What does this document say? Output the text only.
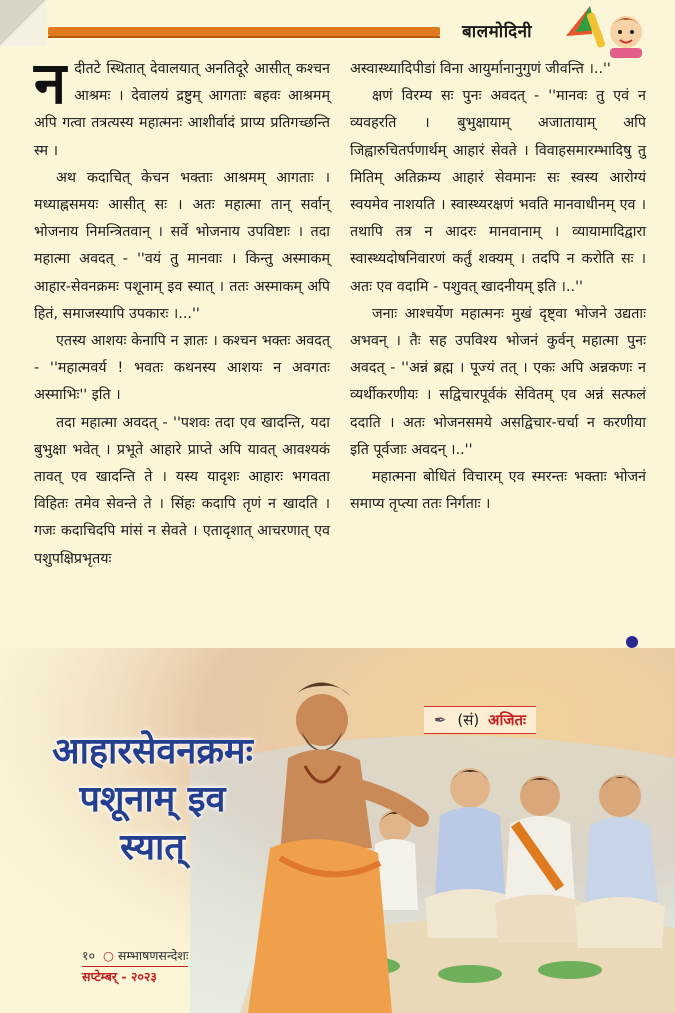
बालमोदिनी

नदीतटे स्थितात् देवालयात् अनतिदूरे आसीत् कश्चन आश्रमः । देवालयं द्रष्टुम् आगताः बहवः आश्रमम् अपि गत्वा तत्रत्यस्य महात्मनः आशीर्वादं प्राप्य प्रतिगच्छन्ति स्म ।

अथ कदाचित् केचन भक्ताः आश्रमम् आगताः । मध्याह्नसमयः आसीत् सः । अतः महात्मा तान् सर्वान् भोजनाय निमन्त्रितवान् । सर्वे भोजनाय उपविष्टाः । तदा महात्मा अवदत् - ''वयं तु मानवाः । किन्तु अस्माकम् आहार-सेवनक्रमः पशूनाम् इव स्यात् । ततः अस्माकम् अपि हितं, समाजस्यापि उपकारः ।...''

एतस्य आशयः केनापि न ज्ञातः । कश्चन भक्तः अवदत् - ''महात्मवर्य ! भवतः कथनस्य आशयः न अवगतः अस्माभिः'' इति ।

तदा महात्मा अवदत् - ''पशवः तदा एव खादन्ति, यदा बुभुक्षा भवेत् । प्रभूते आहारे प्राप्ते अपि यावत् आवश्यकं तावत् एव खादन्ति ते । यस्य यादृशः आहारः भगवता विहितः तमेव सेवन्ते ते । सिंहः कदापि तृणं न खादति । गजः कदाचिदपि मांसं न सेवते । एतादृशात् आचरणात् एव पशुपक्षिप्रभृतयः

अस्वास्थ्यादिपीडां विना आयुर्मानानुगुणं जीवन्ति ।..''

क्षणं विरम्य सः पुनः अवदत् - ''मानवः तु एवं न व्यवहरति । बुभुक्षायाम् अजातायाम् अपि जिह्वारुचितर्पणार्थम् आहारं सेवते । विवाहसमारम्भादिषु तु मितिम् अतिक्रम्य आहारं सेवमानः सः स्वस्य आरोग्यं स्वयमेव नाशयति । स्वास्थ्यरक्षणं भवति मानवाधीनम् एव । तथापि तत्र न आदरः मानवानाम् । व्यायामादिद्वारा स्वास्थ्यदोषनिवारणं कर्तुं शक्यम् । तदपि न करोति सः । अतः एव वदामि - पशुवत् खादनीयम् इति ।..''

जनाः आश्चर्येण महात्मनः मुखं दृष्ट्वा भोजने उद्यताः अभवन् । तैः सह उपविश्य भोजनं कुर्वन् महात्मा पुनः अवदत् - ''अन्नं ब्रह्म । पूज्यं तत् । एकः अपि अन्नकणः न व्यर्थीकरणीयः । सद्विचारपूर्वकं सेवितम् एव अन्नं सत्फलं ददाति । अतः भोजनसमये असद्विचार-चर्चा न करणीया इति पूर्वजाः अवदन् ।..''

महात्मना बोधितं विचारम् एव स्मरन्तः भक्ताः भोजनं समाप्य तृप्त्या ततः निर्गताः ।

आहारसेवनक्रमः
पशूनाम् इव
स्यात्
✒ (सं) अजितः
१० ○ सम्भाषणसन्देशः
सप्टेम्बर् - २०२३
